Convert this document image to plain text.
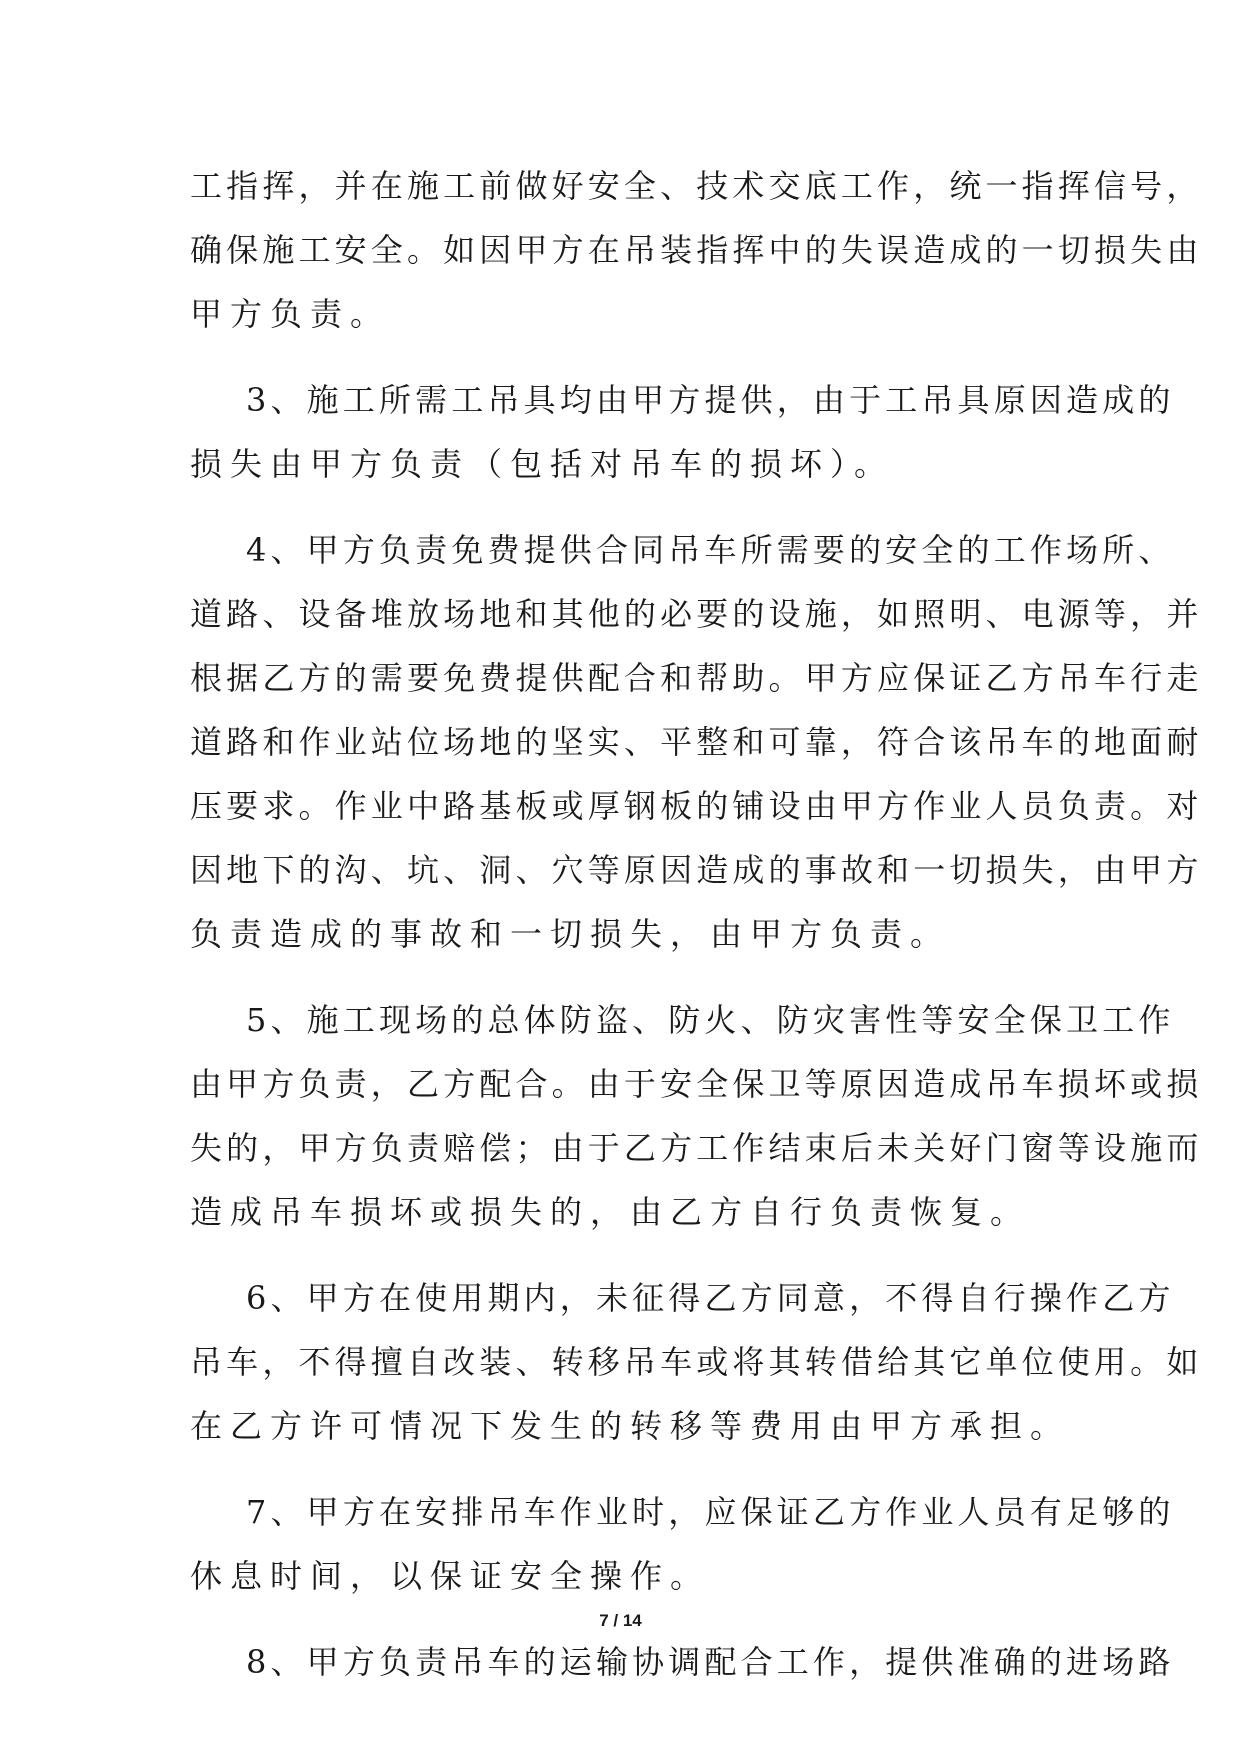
工指挥，并在施工前做好安全、技术交底工作，统一指挥信号，
确保施工安全。如因甲方在吊装指挥中的失误造成的一切损失由
甲方负责。
3、施工所需工吊具均由甲方提供，由于工吊具原因造成的
损失由甲方负责（包括对吊车的损坏）。
4、甲方负责免费提供合同吊车所需要的安全的工作场所、
道路、设备堆放场地和其他的必要的设施，如照明、电源等，并
根据乙方的需要免费提供配合和帮助。甲方应保证乙方吊车行走
道路和作业站位场地的坚实、平整和可靠，符合该吊车的地面耐
压要求。作业中路基板或厚钢板的铺设由甲方作业人员负责。对
因地下的沟、坑、洞、穴等原因造成的事故和一切损失，由甲方
负责造成的事故和一切损失，由甲方负责。
5、施工现场的总体防盗、防火、防灾害性等安全保卫工作
由甲方负责，乙方配合。由于安全保卫等原因造成吊车损坏或损
失的，甲方负责赔偿；由于乙方工作结束后未关好门窗等设施而
造成吊车损坏或损失的，由乙方自行负责恢复。
6、甲方在使用期内，未征得乙方同意，不得自行操作乙方
吊车，不得擅自改装、转移吊车或将其转借给其它单位使用。如
在乙方许可情况下发生的转移等费用由甲方承担。
7、甲方在安排吊车作业时，应保证乙方作业人员有足够的
休息时间，以保证安全操作。
8、甲方负责吊车的运输协调配合工作，提供准确的进场路
7 / 14
